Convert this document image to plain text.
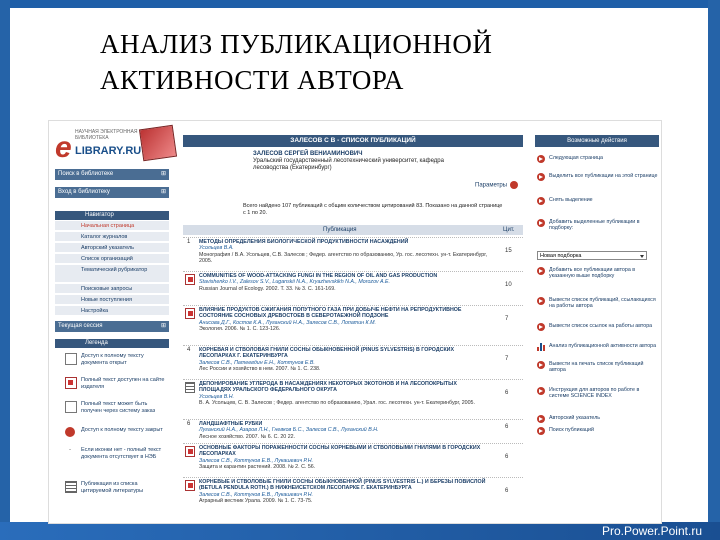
АНАЛИЗ ПУБЛИКАЦИОННОЙ АКТИВНОСТИ АВТОРА
Pro.Power.Point.ru
e НАУЧНАЯ ЭЛЕКТРОННАЯ БИБЛИОТЕКА
LIBRARY.RU
Поиск в библиотеке	⊞
Вход в библиотеку	⊞
Навигатор
Начальная страница
Каталог журналов
Авторский указатель
Список организаций
Тематический рубрикатор
Поисковые запросы
Новые поступления
Настройка
Текущая сессия	⊞
Легенда
Доступ к полному тексту документа открыт
Полный текст доступен на сайте издателя
Полный текст может быть получен через систему заказ
Доступ к полному тексту закрыт
-	Если иконки нет - полный текст документа отсутствует в НЭБ
Публикация из списка цитируемой литературы
ЗАЛЕСОВ С В - СПИСОК ПУБЛИКАЦИЙ
ЗАЛЕСОВ СЕРГЕЙ ВЕНИАМИНОВИЧ
Уральский государственный лесотехнический университет, кафедра лесоводства (Екатеринбург)
Параметры
Всего найдено 107 публикаций с общим количеством цитирований 83. Показано на данной странице с 1 по 20.
Публикация	Цит.
1 МЕТОДЫ ОПРЕДЕЛЕНИЯ БИОЛОГИЧЕСКОЙ ПРОДУКТИВНОСТИ НАСАЖДЕНИЙ
Усольцев В.А.
Монография / В.А. Усольцев, С.В. Залесов ; Федер. агентство по образованию, Ур. гос. лесотехн. ун-т. Екатеринбург, 2005.
15
COMMUNITIES OF WOOD-ATTACKING FUNGI IN THE REGION OF OIL AND GAS PRODUCTION
Stavishenko I.V., Zalesov S.V., Luganskii N.A., Kryazhevskikh N.A., Morozov A.E.
Russian Journal of Ecology. 2002. Т. 33. № 3. С. 161-169.
10
ВЛИЯНИЕ ПРОДУКТОВ СЖИГАНИЯ ПОПУТНОГО ГАЗА ПРИ ДОБЫЧЕ НЕФТИ НА РЕПРОДУКТИВНОЕ СОСТОЯНИЕ СОСНОВЫХ ДРЕВОСТОЕВ В СЕВЕРОТАЕЖНОЙ ПОДЗОНЕ
Анисова Д.Г., Костов К.А., Луганский Н.А., Залесов С.В., Лопатин К.М.
Экология. 2006. № 1. С. 123-126.
7
4 КОРНЕВАЯ И СТВОЛОВАЯ ГНИЛИ СОСНЫ ОБЫКНОВЕННОЙ (PINUS SYLVESTRIS) В ГОРОДСКИХ ЛЕСОПАРКАХ Г. ЕКАТЕРИНБУРГА
Залесов С.В., Патеевдин Е.Н., Коттунов Е.В.
Лес России и хозяйство в нем. 2007. № 1. С. 238.
7
ДЕПОНИРОВАНИЕ УГЛЕРОДА В НАСАЖДЕНИЯХ НЕКОТОРЫХ ЭКОТОНОВ И НА ЛЕСОПОКРЫТЫХ ПЛОЩАДЯХ УРАЛЬСКОГО ФЕДЕРАЛЬНОГО ОКРУГА
Усольцев В.Н.
В. А. Усольцев, С. В. Залесов ; Федер. агентство по образованию, Урал. гос. лесотехн. ун-т. Екатеринбург, 2005.
6
6 ЛАНДШАФТНЫЕ РУБКИ
Луганский Н.А., Азаров Л.Н., Гневков Б.С., Залесов С.В., Луганский В.Н.
Лесное хозяйство. 2007. № 6. С. 20 22.
6
ОСНОВНЫЕ ФАКТОРЫ ПОРАЖЕННОСТИ СОСНЫ КОРНЕВЫМИ И СТВОЛОВЫМИ ГНИЛЯМИ В ГОРОДСКИХ ЛЕСОПАРКАХ
Залесов С.В., Коттунов Е.В., Лукашевич Р.Н.
Защита и карантин растений. 2008. № 2. С. 56.
6
КОРНЕВЫЕ И СТВОЛОВЫЕ ГНИЛИ СОСНЫ ОБЫКНОВЕННОЙ (PINUS SYLVESTRIS L.) И БЕРЕЗЫ ПОВИСЛОЙ (BETULA PENDULA ROTH.) В НИЖНЕИСЕТСКОМ ЛЕСОПАРКЕ Г. ЕКАТЕРИНБУРГА
Залесов С.В., Коттунов Е.В., Лукашевич Р.Н.
Аграрный вестник Урала. 2009. № 1. С. 73-75.
6
Возможные действия
Следующая страница
Выделить все публикации на этой странице
Снять выделение
Добавить выделенные публикации в подборку:
Новая подборка
Добавить все публикации автора в указанную выше подборку
Вывести список публикаций, ссылающихся на работы автора
Вывести список ссылок на работы автора
Анализ публикационной активности автора
Вывести на печать список публикаций автора
Инструкция для авторов по работе в системе SCIENCE INDEX
Авторский указатель
Поиск публикаций
